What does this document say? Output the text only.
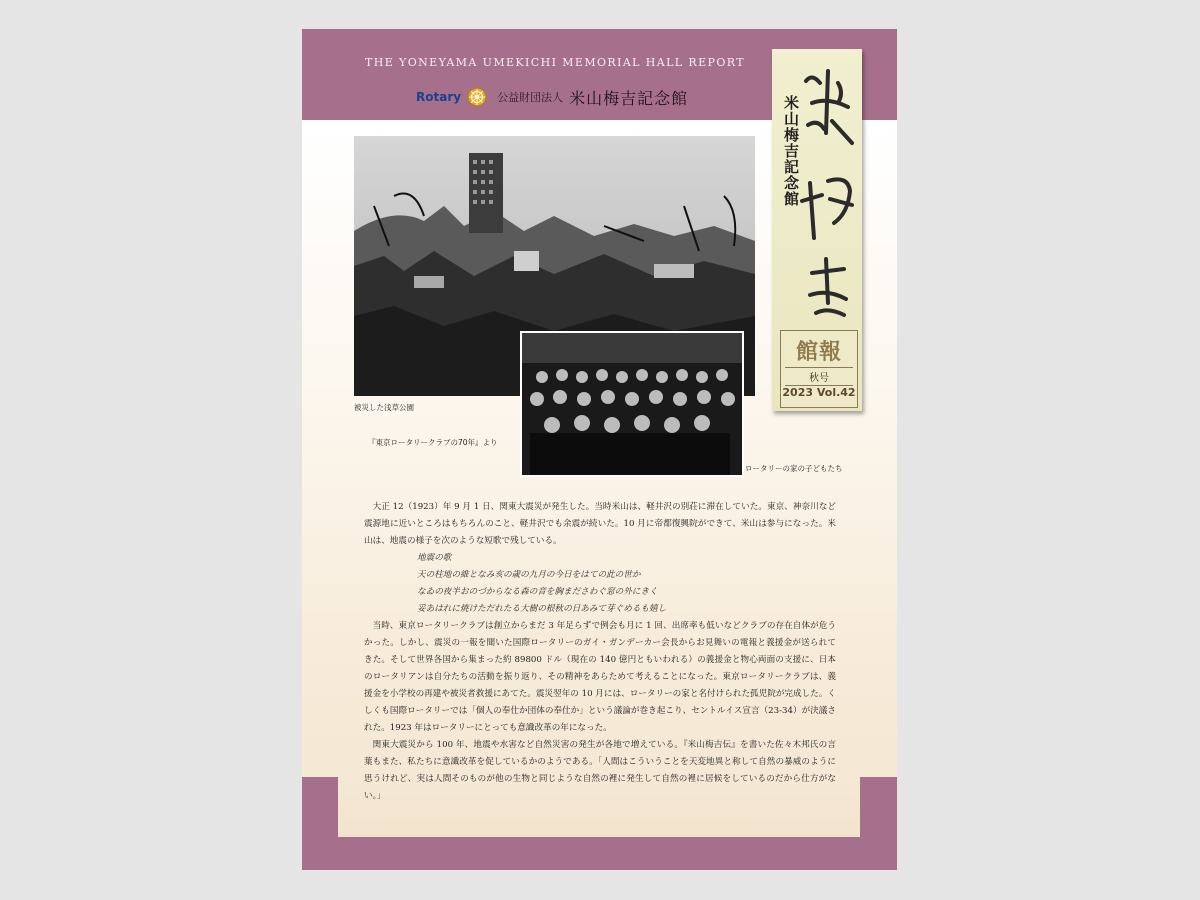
THE YONEYAMA UMEKICHI MEMORIAL HALL REPORT
Rotary	公益財団法人 米山梅吉記念館
被災した浅草公園
『東京ロータリークラブの70年』より
ロータリーの家の子どもたち
米山梅吉記念館
館報
秋号
2023 Vol.42

大正 12（1923）年 9 月 1 日、関東大震災が発生した。当時米山は、軽井沢の別荘に滞在していた。東京、神奈川など震源地に近いところはもちろんのこと、軽井沢でも余震が続いた。10 月に帝都復興院ができて、米山は参与になった。米山は、地震の様子を次のような短歌で残している。

地震の歌
天の柱地の維となみ亥の歳の九月の今日をはての此の世か
なゐの夜半おのづからなる森の音を胸まださわぐ窓の外にきく
妥あはれに焼けただれたる大樹の根秋の日あみて芽ぐめるも嬉し

当時、東京ロータリークラブは創立からまだ 3 年足らずで例会も月に 1 回、出席率も低いなどクラブの存在自体が危うかった。しかし、震災の一報を聞いた国際ロータリーのガイ・ガンデーカー会長からお見舞いの電報と義援金が送られてきた。そして世界各国から集まった約 89800 ドル（現在の 140 億円ともいわれる）の義援金と物心両面の支援に、日本のロータリアンは自分たちの活動を振り返り、その精神をあらためて考えることになった。東京ロータリークラブは、義援金を小学校の再建や被災者救援にあてた。震災翌年の 10 月には、ロータリーの家と名付けられた孤児院が完成した。くしくも国際ロータリーでは「個人の奉仕か団体の奉仕か」という議論が巻き起こり、セントルイス宣言（23-34）が決議された。1923 年はロータリーにとっても意識改革の年になった。

関東大震災から 100 年、地震や水害など自然災害の発生が各地で増えている。『米山梅吉伝』を書いた佐々木邦氏の言葉もまた、私たちに意識改革を促しているかのようである。「人間はこういうことを天変地異と称して自然の暴威のように思うけれど、実は人間そのものが他の生物と同じような自然の裡に発生して自然の裡に居候をしているのだから仕方がない。」
